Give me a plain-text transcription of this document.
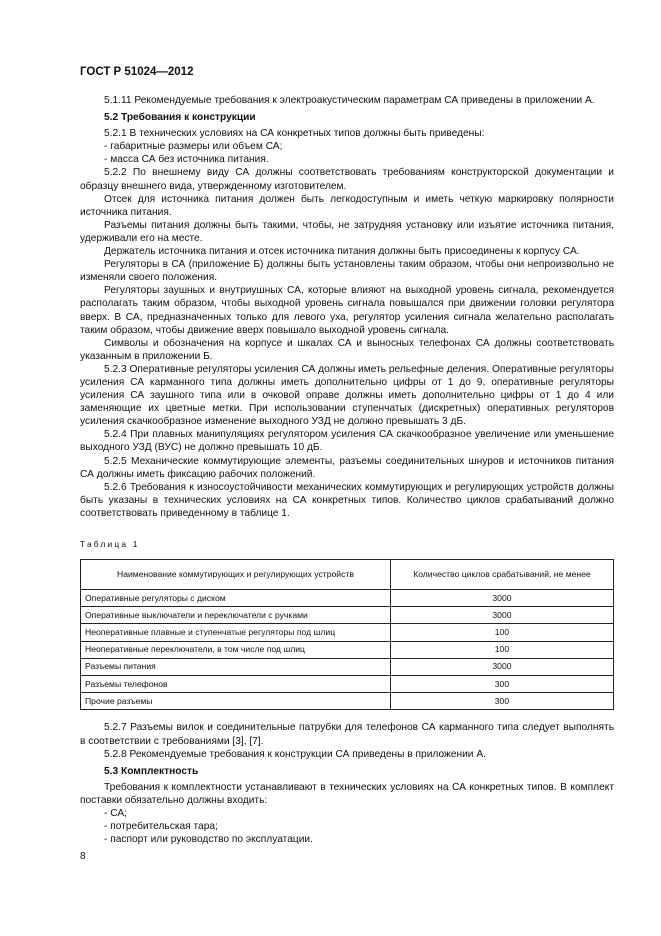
ГОСТ Р 51024—2012

5.1.11 Рекомендуемые требования к электроакустическим параметрам СА приведены в приложении А.

5.2 Требования к конструкции

5.2.1 В технических условиях на СА конкретных типов должны быть приведены:

- габаритные размеры или объем СА;

- масса СА без источника питания.

5.2.2 По внешнему виду СА должны соответствовать требованиям конструкторской документации и образцу внешнего вида, утвержденному изготовителем.

Отсек для источника питания должен быть легкодоступным и иметь четкую маркировку полярности источника питания.

Разъемы питания должны быть такими, чтобы, не затрудняя установку или изъятие источника питания, удерживали его на месте.

Держатель источника питания и отсек источника питания должны быть присоединены к корпусу СА.

Регуляторы в СА (приложение Б) должны быть установлены таким образом, чтобы они непроизвольно не изменяли своего положения.

Регуляторы заушных и внутриушных СА, которые влияют на выходной уровень сигнала, рекомендуется располагать таким образом, чтобы выходной уровень сигнала повышался при движении головки регулятора вверх. В СА, предназначенных только для левого уха, регулятор усиления сигнала желательно располагать таким образом, чтобы движение вверх повышало выходной уровень сигнала.

Символы и обозначения на корпусе и шкалах СА и выносных телефонах СА должны соответствовать указанным в приложении Б.

5.2.3 Оперативные регуляторы усиления СА должны иметь рельефные деления. Оперативные регуляторы усиления СА карманного типа должны иметь дополнительно цифры от 1 до 9, оперативные регуляторы усиления СА заушного типа или в очковой оправе должны иметь дополнительно цифры от 1 до 4 или заменяющие их цветные метки. При использовании ступенчатых (дискретных) оперативных регуляторов усиления скачкообразное изменение выходного УЗД не должно превышать 3 дБ.

5.2.4 При плавных манипуляциях регулятором усиления СА скачкообразное увеличение или уменьшение выходного УЗД (ВУС) не должно превышать 10 дБ.

5.2.5 Механические коммутирующие элементы, разъемы соединительных шнуров и источников питания СА должны иметь фиксацию рабочих положений.

5.2.6 Требования к износоустойчивости механических коммутирующих и регулирующих устройств должны быть указаны в технических условиях на СА конкретных типов. Количество циклов срабатываний должно соответствовать приведенному в таблице 1.

Таблица 1

Наименование коммутирующих и регулирующих устройств	Количество циклов срабатываний, не менее
Оперативные регуляторы с диском	3000
Оперативные выключатели и переключатели с ручками	3000
Неоперативные плавные и ступенчатые регуляторы под шлиц	100
Неоперативные переключатели, в том числе под шлиц	100
Разъемы питания	3000
Разъемы телефонов	300
Прочие разъемы	300

5.2.7 Разъемы вилок и соединительные патрубки для телефонов СА карманного типа следует выполнять в соответствии с требованиями [3], [7].

5.2.8 Рекомендуемые требования к конструкции СА приведены в приложении А.

5.3 Комплектность

Требования к комплектности устанавливают в технических условиях на СА конкретных типов. В комплект поставки обязательно должны входить:

- СА;

- потребительская тара;

- паспорт или руководство по эксплуатации.

8
